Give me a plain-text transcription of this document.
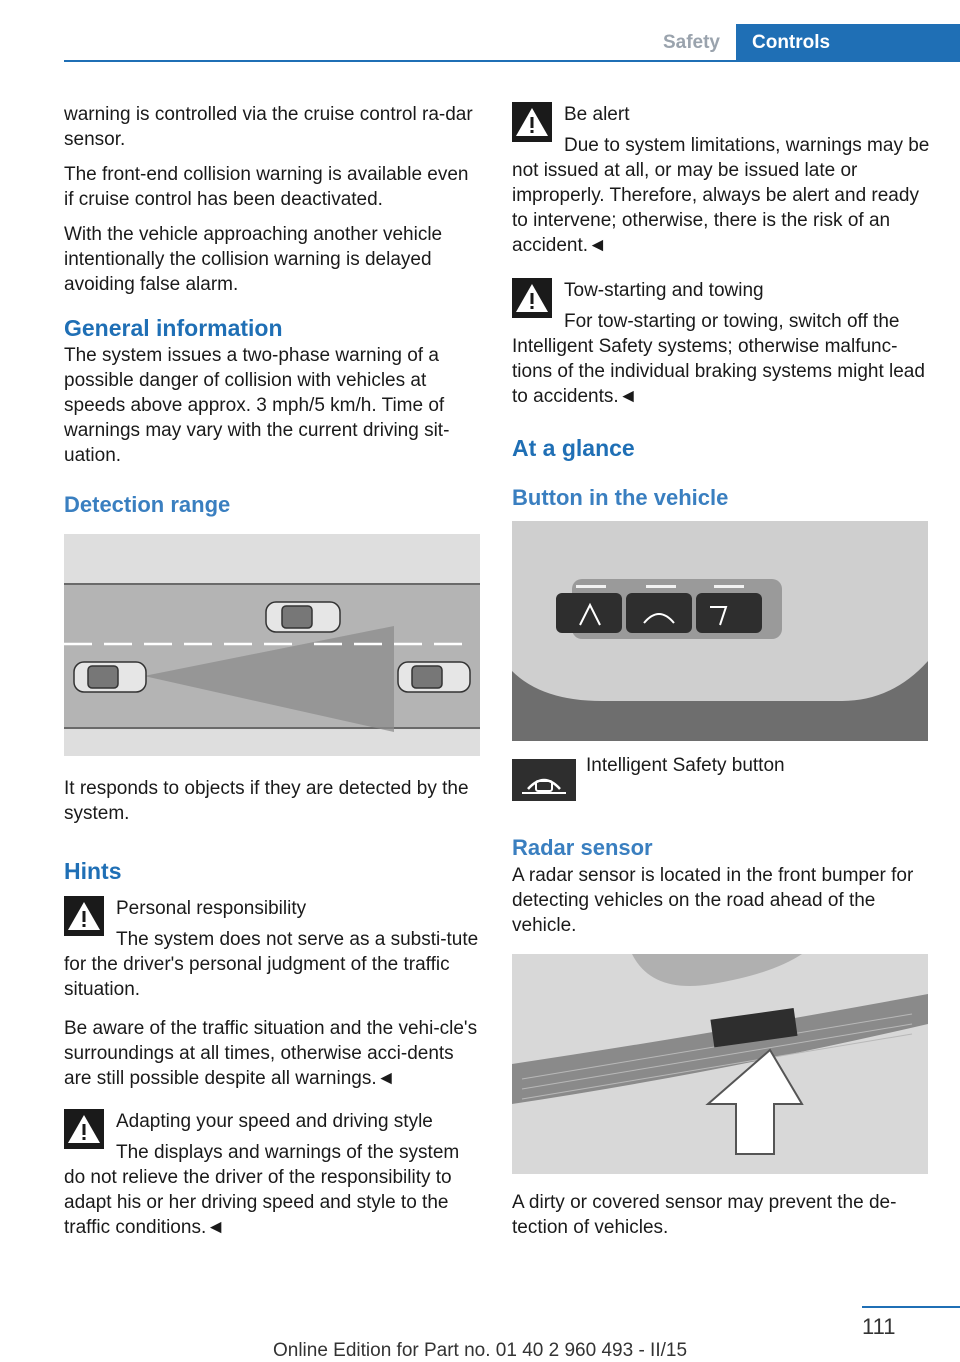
Safety	Controls

warning is controlled via the cruise control ra-dar sensor.

The front-end collision warning is available even if cruise control has been deactivated.

With the vehicle approaching another vehicle intentionally the collision warning is delayed avoiding false alarm.

General information

The system issues a two-phase warning of a possible danger of collision with vehicles at speeds above approx. 3 mph/5 km/h. Time of warnings may vary with the current driving sit-uation.

Detection range

It responds to objects if they are detected by the system.

Hints
Personal responsibility

The system does not serve as a substi-tute for the driver's personal judgment of the traffic situation.

Be aware of the traffic situation and the vehi-cle's surroundings at all times, otherwise acci-dents are still possible despite all warnings.◄

Adapting your speed and driving style

The displays and warnings of the system do not relieve the driver of the responsibility to adapt his or her driving speed and style to the traffic conditions.◄

Be alert

Due to system limitations, warnings may be not issued at all, or may be issued late or improperly. Therefore, always be alert and ready to intervene; otherwise, there is the risk of an accident.◄

Tow-starting and towing

For tow-starting or towing, switch off the Intelligent Safety systems; otherwise malfunc-tions of the individual braking systems might lead to accidents.◄

At a glance
Button in the vehicle
Intelligent Safety button
Radar sensor

A radar sensor is located in the front bumper for detecting vehicles on the road ahead of the vehicle.

A dirty or covered sensor may prevent the de-tection of vehicles.

111
Online Edition for Part no. 01 40 2 960 493 - II/15
